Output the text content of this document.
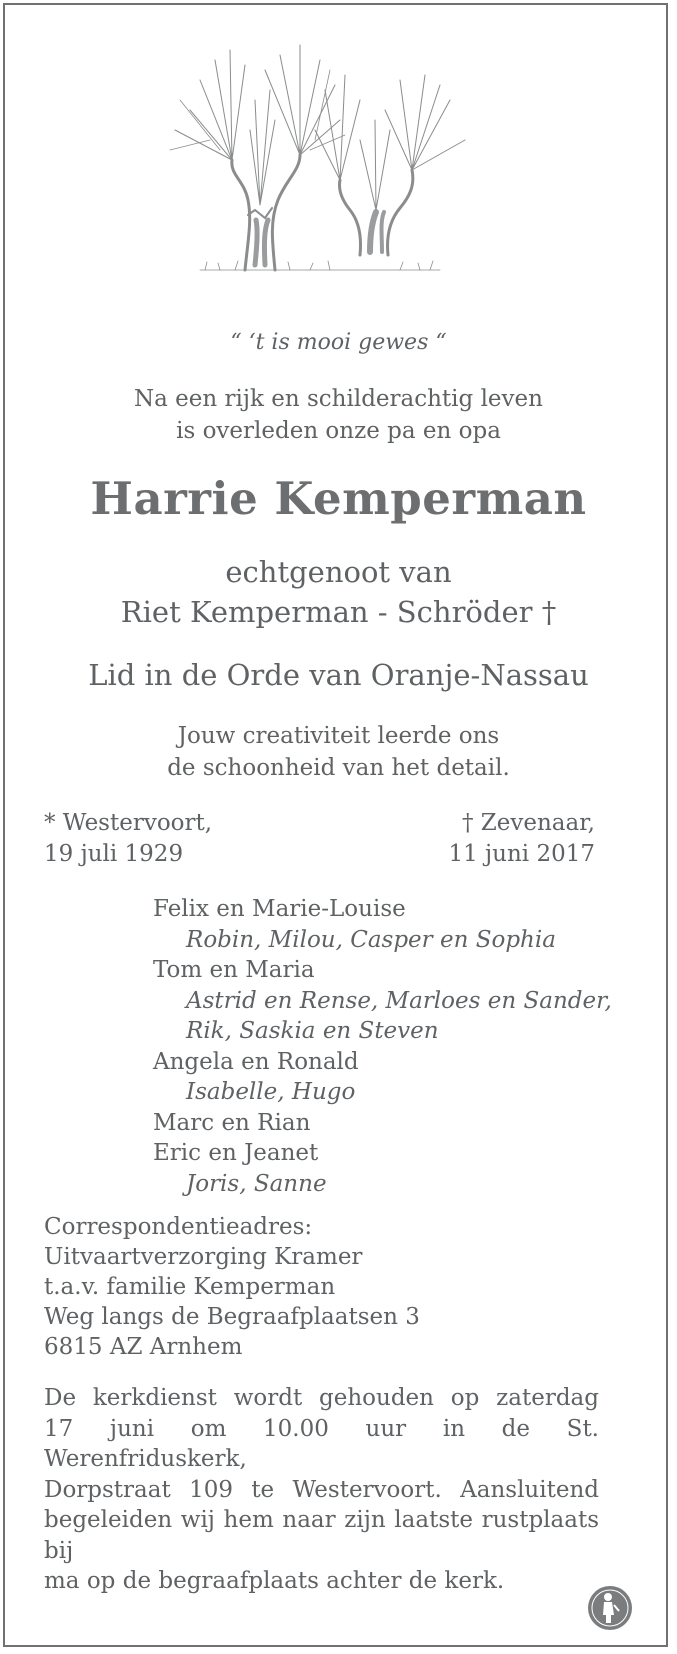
“ ‘t is mooi gewes “
Na een rijk en schilderachtig leven
is overleden onze pa en opa
Harrie Kemperman
echtgenoot van
Riet Kemperman - Schröder †
Lid in de Orde van Oranje-Nassau
Jouw creativiteit leerde ons
de schoonheid van het detail.
* Westervoort,
19 juli 1929
† Zevenaar,
11 juni 2017
Felix en Marie-Louise
Robin, Milou, Casper en Sophia
Tom en Maria
Astrid en Rense, Marloes en Sander,
Rik, Saskia en Steven
Angela en Ronald
Isabelle, Hugo
Marc en Rian
Eric en Jeanet
Joris, Sanne
Correspondentieadres:
Uitvaartverzorging Kramer
t.a.v. familie Kemperman
Weg langs de Begraafplaatsen 3
6815 AZ Arnhem
De kerkdienst wordt gehouden op zaterdag
17 juni om 10.00 uur in de St. Werenfriduskerk,
Dorpstraat 109 te Westervoort. Aansluitend
begeleiden wij hem naar zijn laatste rustplaats bij
ma op de begraafplaats achter de kerk.
